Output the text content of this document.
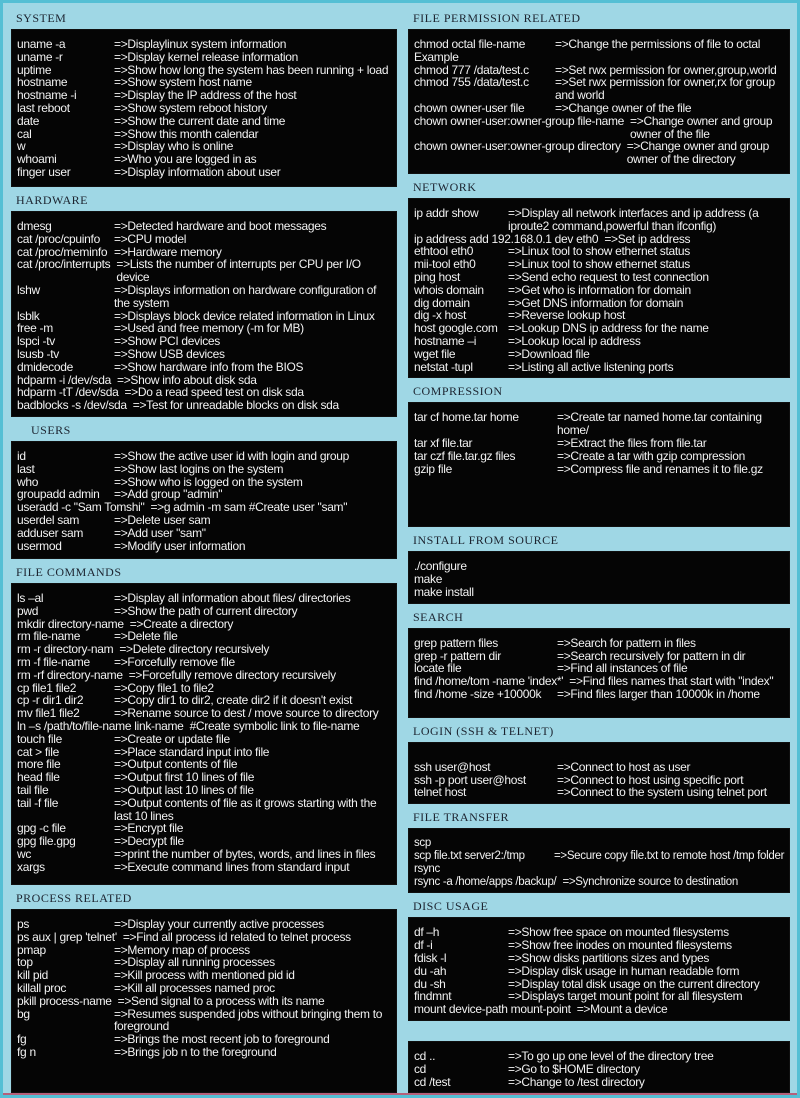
SYSTEM
uname -a	=>Displaylinux system information
uname -r	=>Display kernel release information
uptime	=>Show how long the system has been running + load
hostname	=>Show system host name
hostname -i	=>Display the IP address of the host
last reboot	=>Show system reboot history
date	=>Show the current date and time
cal	=>Show this month calendar
w	=>Display who is online
whoami	=>Who you are logged in as
finger user	=>Display information about user
HARDWARE
dmesg	=>Detected hardware and boot messages
cat /proc/cpuinfo	=>CPU model
cat /proc/meminfo =>Hardware memory
cat /proc/interrupts =>Lists the number of interrupts per CPU per I/O device
lshw	=>Displays information on hardware configuration of the system
lsblk	=>Displays block device related information in Linux
free -m	=>Used and free memory (-m for MB)
lspci -tv	=>Show PCI devices
lsusb -tv	=>Show USB devices
dmidecode	=>Show hardware info from the BIOS
hdparm -i /dev/sda =>Show info about disk sda
hdparm -tT /dev/sda =>Do a read speed test on disk sda
badblocks -s /dev/sda =>Test for unreadable blocks on disk sda
USERS
id	=>Show the active user id with login and group
last	=>Show last logins on the system
who	=>Show who is logged on the system
groupadd admin	=>Add group "admin"
useradd -c "Sam Tomshi" =>g admin -m sam #Create user "sam"
userdel sam	=>Delete user sam
adduser sam	=>Add user "sam"
usermod	=>Modify user information
FILE COMMANDS
ls –al	=>Display all information about files/ directories
pwd	=>Show the path of current directory
mkdir directory-name =>Create a directory
rm file-name	=>Delete file
rm -r directory-nam =>Delete directory recursively
rm -f file-name	=>Forcefully remove file
rm -rf directory-name =>Forcefully remove directory recursively
cp file1 file2	=>Copy file1 to file2
cp -r dir1 dir2	=>Copy dir1 to dir2, create dir2 if it doesn't exist
mv file1 file2	=>Rename source to dest / move source to directory
ln –s /path/to/file-name link-name #Create symbolic link to file-name
touch file	=>Create or update file
cat > file	=>Place standard input into file
more file	=>Output contents of file
head file	=>Output first 10 lines of file
tail file	=>Output last 10 lines of file
tail -f file	=>Output contents of file as it grows starting with the last 10 lines
gpg -c file	=>Encrypt file
gpg file.gpg	=>Decrypt file
wc	=>print the number of bytes, words, and lines in files
xargs	=>Execute command lines from standard input
PROCESS RELATED
ps	=>Display your currently active processes
ps aux | grep 'telnet' =>Find all process id related to telnet process
pmap	=>Memory map of process
top	=>Display all running processes
kill pid	=>Kill process with mentioned pid id
killall proc	=>Kill all processes named proc
pkill process-name =>Send signal to a process with its name
bg	=>Resumes suspended jobs without bringing them to foreground
fg	=>Brings the most recent job to foreground
fg n	=>Brings job n to the foreground
FILE PERMISSION RELATED
chmod octal file-name	=>Change the permissions of file to octal
Example
chmod 777 /data/test.c	=>Set rwx permission for owner,group,world
chmod 755 /data/test.c	=>Set rwx permission for owner,rx for group and world
chown owner-user file	=>Change owner of the file
chown owner-user:owner-group file-name =>Change owner and group owner of the file
chown owner-user:owner-group directory =>Change owner and group owner of the directory
NETWORK
ip addr show	=>Display all network interfaces and ip address (a iproute2 command,powerful than ifconfig)
ip address add 192.168.0.1 dev eth0 =>Set ip address
ethtool eth0	=>Linux tool to show ethernet status
mii-tool eth0	=>Linux tool to show ethernet status
ping host	=>Send echo request to test connection
whois domain	=>Get who is information for domain
dig domain	=>Get DNS information for domain
dig -x host	=>Reverse lookup host
host google.com =>Lookup DNS ip address for the name
hostname –i	=>Lookup local ip address
wget file	=>Download file
netstat -tupl	=>Listing all active listening ports
COMPRESSION
tar cf home.tar home	=>Create tar named home.tar containing home/
tar xf file.tar	=>Extract the files from file.tar
tar czf file.tar.gz files	=>Create a tar with gzip compression
gzip file	=>Compress file and renames it to file.gz
INSTALL FROM SOURCE
./configure
make
make install
SEARCH
grep pattern files	=>Search for pattern in files
grep -r pattern dir	=>Search recursively for pattern in dir
locate file	=>Find all instances of file
find /home/tom -name 'index*' =>Find files names that start with "index"
find /home -size +10000k	=>Find files larger than 10000k in /home
LOGIN (SSH & TELNET)
ssh user@host	=>Connect to host as user
ssh -p port user@host	=>Connect to host using specific port
telnet host	=>Connect to the system using telnet port
FILE TRANSFER
scp
scp file.txt server2:/tmp	=>Secure copy file.txt to remote host /tmp folder
rsync
rsync -a /home/apps /backup/ =>Synchronize source to destination
DISC USAGE
df –h	=>Show free space on mounted filesystems
df -i	=>Show free inodes on mounted filesystems
fdisk -l	=>Show disks partitions sizes and types
du -ah	=>Display disk usage in human readable form
du -sh	=>Display total disk usage on the current directory
findmnt	=>Displays target mount point for all filesystem
mount device-path mount-point =>Mount a device
cd ..	=>To go up one level of the directory tree
cd	=>Go to $HOME directory
cd /test	=>Change to /test directory
